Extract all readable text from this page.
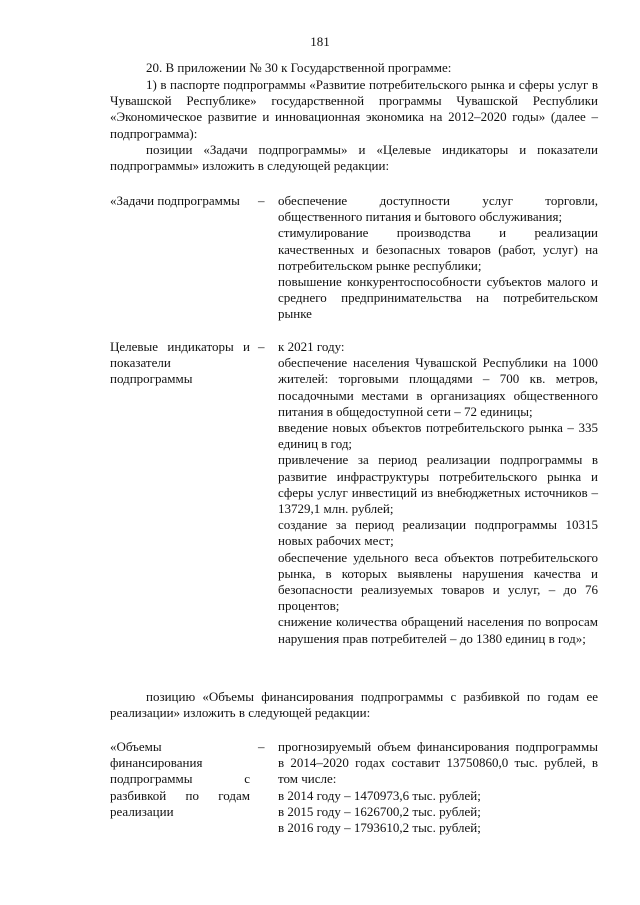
181

20. В приложении № 30 к Государственной программе:

1) в паспорте подпрограммы «Развитие потребительского рынка и сферы услуг в Чувашской Республике» государственной программы Чувашской Республики «Экономическое развитие и инновационная экономика на 2012–2020 годы» (далее – подпрограмма):

позиции «Задачи подпрограммы» и «Целевые индикаторы и показатели подпрограммы» изложить в следующей редакции:

«Задачи подпрограммы	– обеспечение доступности услуг торговли, общественного питания и бытового обслуживания;

стимулирование производства и реализации качественных и безопасных товаров (работ, услуг) на потребительском рынке республики;

повышение конкурентоспособности субъектов малого и среднего предпринимательства на потребительском рынке

Целевые индикаторы и показатели подпрограммы
– к 2021 году:

обеспечение населения Чувашской Республики на 1000 жителей: торговыми площадями – 700 кв. метров, посадочными местами в организациях общественного питания в общедоступной сети – 72 единицы;

введение новых объектов потребительского рынка – 335 единиц в год;

привлечение за период реализации подпрограммы в развитие инфраструктуры потребительского рынка и сферы услуг инвестиций из внебюджетных источников – 13729,1 млн. рублей;

создание за период реализации подпрограммы 10315 новых рабочих мест;

обеспечение удельного веса объектов потребительского рынка, в которых выявлены нарушения качества и безопасности реализуемых товаров и услуг, – до 76 процентов;

снижение количества обращений населения по вопросам нарушения прав потребителей – до 1380 единиц в год»;

позицию «Объемы финансирования подпрограммы с разбивкой по годам ее реализации» изложить в следующей редакции:

«Объемы финансирования подпрограммы с разбивкой по годам реализации
– прогнозируемый объем финансирования подпрограммы в 2014–2020 годах составит 13750860,0 тыс. рублей, в том числе:

в 2014 году – 1470973,6 тыс. рублей;

в 2015 году – 1626700,2 тыс. рублей;

в 2016 году – 1793610,2 тыс. рублей;
